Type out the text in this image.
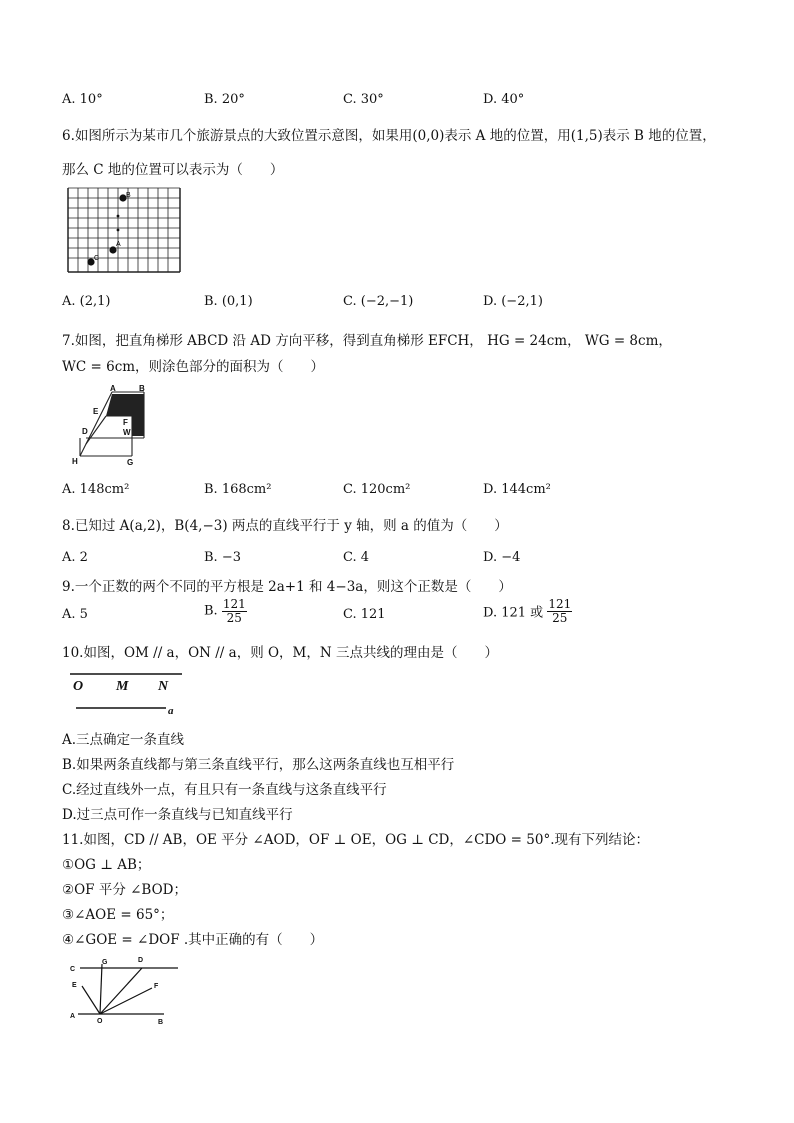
A. 10°	B. 20°	C. 30°	D. 40°
6.如图所示为某市几个旅游景点的大致位置示意图，如果用(0,0)表示 A 地的位置，用(1,5)表示 B 地的位置，
那么 C 地的位置可以表示为（　　）
B
A
C
A. (2,1)	B. (0,1)	C. (−2,−1)	D. (−2,1)
7.如图，把直角梯形 ABCD 沿 AD 方向平移，得到直角梯形 EFCH， HG = 24cm， WG = 8cm，
WC = 6cm，则涂色部分的面积为（　　）
A	B
E
F
D	W
H	G
A. 148cm²	B. 168cm²	C. 120cm²	D. 144cm²
8.已知过 A(a,2)，B(4,−3) 两点的直线平行于 y 轴，则 a 的值为（　　）
A. 2	B. −3	C. 4	D. −4
9.一个正数的两个不同的平方根是 2a+1 和 4−3a，则这个正数是（　　）
A. 5	B. $\frac{121}{25}$	C. 121	D. 121 或 $\frac{121}{25}$
10.如图，OM // a，ON // a，则 O，M，N 三点共线的理由是（　　）
O M N
a
A.三点确定一条直线
B.如果两条直线都与第三条直线平行，那么这两条直线也互相平行
C.经过直线外一点，有且只有一条直线与这条直线平行
D.过三点可作一条直线与已知直线平行
11.如图，CD // AB，OE 平分 ∠AOD，OF ⊥ OE，OG ⊥ CD，∠CDO = 50°.现有下列结论：
①OG ⊥ AB；
②OF 平分 ∠BOD；
③∠AOE = 65°；
④∠GOE = ∠DOF .其中正确的有（　　）
C
G	D
E	F
A
O	B
